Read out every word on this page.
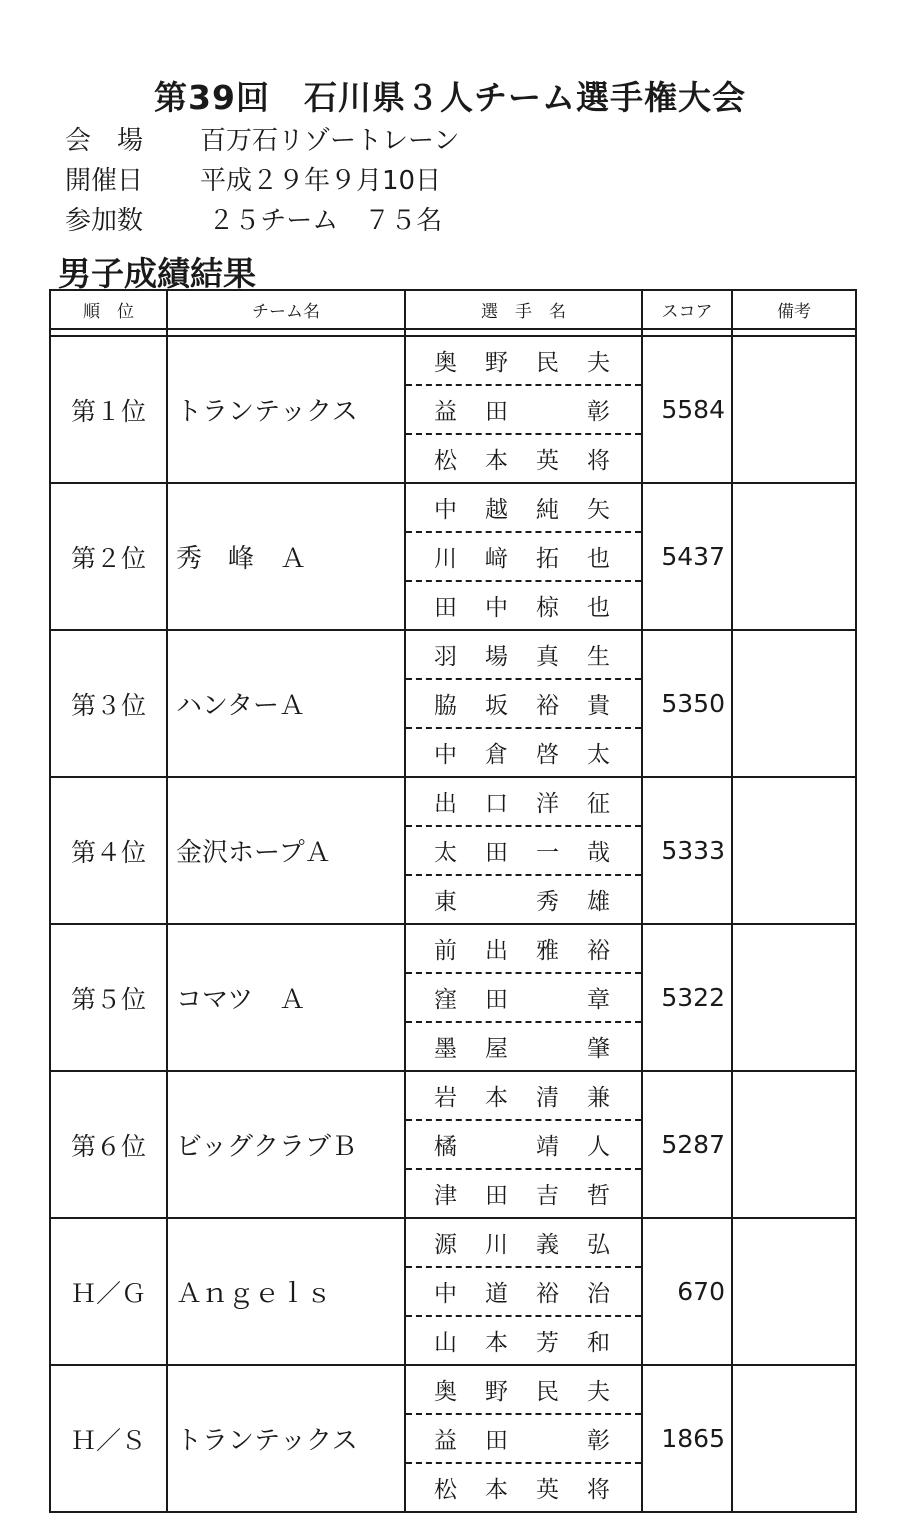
第39回　石川県３人チーム選手権大会
会　場 百万石リゾートレーン
開催日 平成２９年９月10日
参加数 ２５チーム　７５名
男子成績結果
順　位	チーム名	選　手　名	スコア	備考

第１位	トランテックス	奥野民夫	5584	
		益田　彰		
		松本英将		
第２位	秀　峰　Ａ	中越純矢	5437	
		川﨑拓也		
		田中椋也		
第３位	ハンターＡ	羽場真生	5350	
		脇坂裕貴		
		中倉啓太		
第４位	金沢ホープＡ	出口洋征	5333	
		太田一哉		
		東　秀雄		
第５位	コマツ　Ａ	前出雅裕	5322	
		窪田　章		
		墨屋　肇		
第６位	ビッグクラブＢ	岩本清兼	5287	
		橘　靖人		
		津田吉哲		
Ｈ／Ｇ	Ａｎｇｅｌｓ	源川義弘	670	
		中道裕治		
		山本芳和		
Ｈ／Ｓ	トランテックス	奥野民夫	1865	
		益田　彰		
		松本英将		
